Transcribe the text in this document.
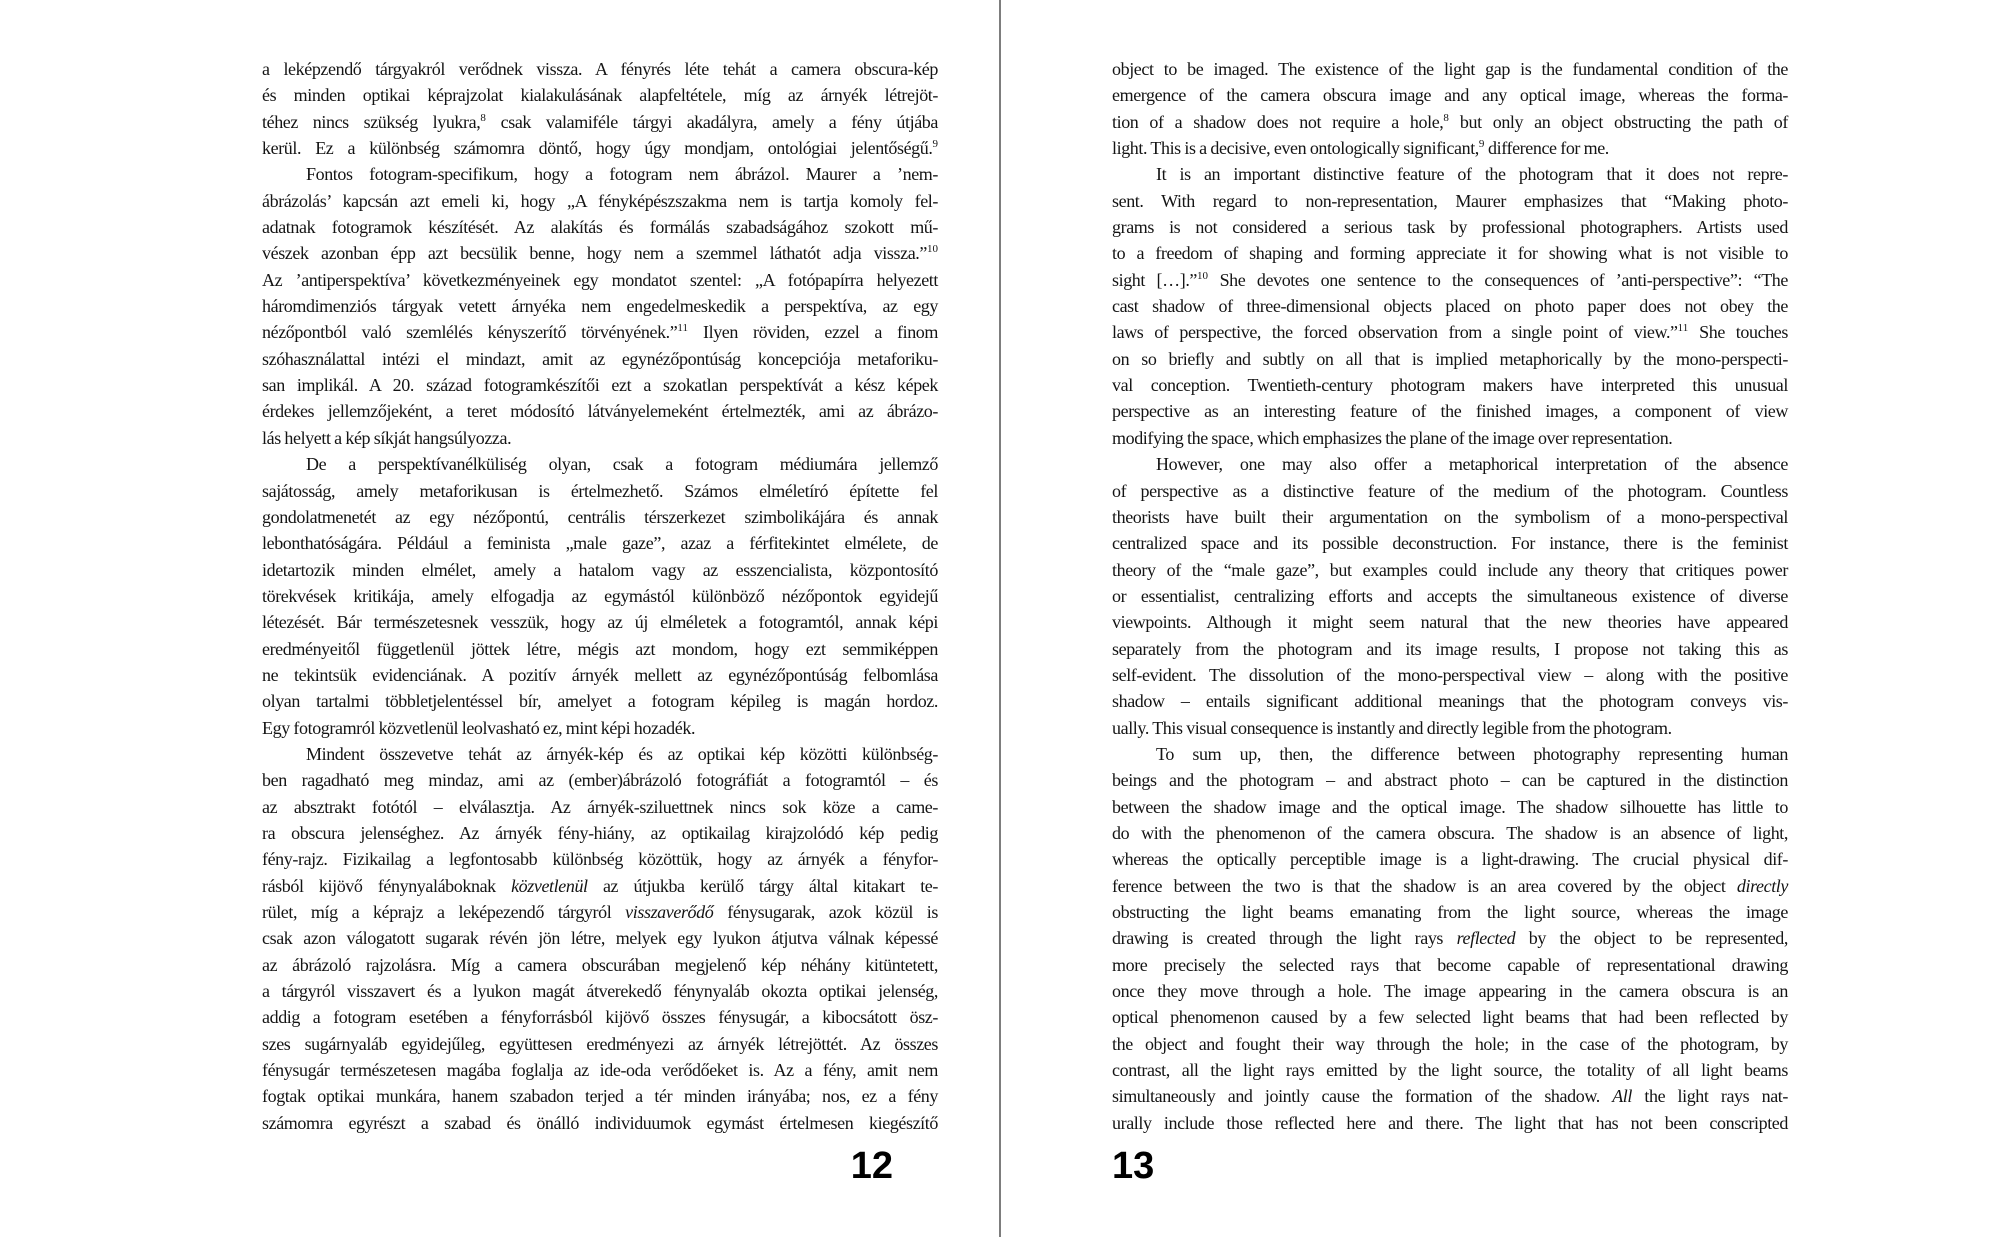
a leképzendő tárgyakról verődnek vissza. A fényrés léte tehát a camera obscura-kép
és minden optikai képrajzolat kialakulásának alapfeltétele, míg az árnyék létrejöt-
téhez nincs szükség lyukra,$^8$ csak valamiféle tárgyi akadályra, amely a fény útjába
kerül. Ez a különbség számomra döntő, hogy úgy mondjam, ontológiai jelentőségű.$^9$
Fontos fotogram-specifikum, hogy a fotogram nem ábrázol. Maurer a ’nem-
ábrázolás’ kapcsán azt emeli ki, hogy „A fényképészszakma nem is tartja komoly fel-
adatnak fotogramok készítését. Az alakítás és formálás szabadságához szokott mű-
vészek azonban épp azt becsülik benne, hogy nem a szemmel láthatót adja vissza.”$^{10}$
Az ’antiperspektíva’ következményeinek egy mondatot szentel: „A fotópapírra helyezett
háromdimenziós tárgyak vetett árnyéka nem engedelmeskedik a perspektíva, az egy
nézőpontból való szemlélés kényszerítő törvényének.”$^{11}$ Ilyen röviden, ezzel a finom
szóhasználattal intézi el mindazt, amit az egynézőpontúság koncepciója metaforiku-
san implikál. A 20. század fotogramkészítői ezt a szokatlan perspektívát a kész képek
érdekes jellemzőjeként, a teret módosító látványelemeként értelmezték, ami az ábrázo-
lás helyett a kép síkját hangsúlyozza.
De a perspektívanélküliség olyan, csak a fotogram médiumára jellemző
sajátosság, amely metaforikusan is értelmezhető. Számos elméletíró építette fel
gondolatmenetét az egy nézőpontú, centrális térszerkezet szimbolikájára és annak
lebonthatóságára. Például a feminista „male gaze”, azaz a férfitekintet elmélete, de
idetartozik minden elmélet, amely a hatalom vagy az esszencialista, központosító
törekvések kritikája, amely elfogadja az egymástól különböző nézőpontok egyidejű
létezését. Bár természetesnek vesszük, hogy az új elméletek a fotogramtól, annak képi
eredményeitől függetlenül jöttek létre, mégis azt mondom, hogy ezt semmiképpen
ne tekintsük evidenciának. A pozitív árnyék mellett az egynézőpontúság felbomlása
olyan tartalmi többletjelentéssel bír, amelyet a fotogram képileg is magán hordoz.
Egy fotogramról közvetlenül leolvasható ez, mint képi hozadék.
Mindent összevetve tehát az árnyék-kép és az optikai kép közötti különbség-
ben ragadható meg mindaz, ami az (ember)ábrázoló fotográfiát a fotogramtól – és
az absztrakt fotótól – elválasztja. Az árnyék-sziluettnek nincs sok köze a came-
ra obscura jelenséghez. Az árnyék fény-hiány, az optikailag kirajzolódó kép pedig
fény-rajz. Fizikailag a legfontosabb különbség közöttük, hogy az árnyék a fényfor-
rásból kijövő fénynyaláboknak közvetlenül az útjukba kerülő tárgy által kitakart te-
rület, míg a képrajz a leképezendő tárgyról visszaverődő fénysugarak, azok közül is
csak azon válogatott sugarak révén jön létre, melyek egy lyukon átjutva válnak képessé
az ábrázoló rajzolásra. Míg a camera obscurában megjelenő kép néhány kitüntetett,
a tárgyról visszavert és a lyukon magát átverekedő fénynyaláb okozta optikai jelenség,
addig a fotogram esetében a fényforrásból kijövő összes fénysugár, a kibocsátott ösz-
szes sugárnyaláb egyidejűleg, együttesen eredményezi az árnyék létrejöttét. Az összes
fénysugár természetesen magába foglalja az ide-oda verődőeket is. Az a fény, amit nem
fogtak optikai munkára, hanem szabadon terjed a tér minden irányába; nos, ez a fény
számomra egyrészt a szabad és önálló individuumok egymást értelmesen kiegészítő
object to be imaged. The existence of the light gap is the fundamental condition of the
emergence of the camera obscura image and any optical image, whereas the forma-
tion of a shadow does not require a hole,$^8$ but only an object obstructing the path of
light. This is a decisive, even ontologically significant,$^9$ difference for me.
It is an important distinctive feature of the photogram that it does not repre-
sent. With regard to non-representation, Maurer emphasizes that “Making photo-
grams is not considered a serious task by professional photographers. Artists used
to a freedom of shaping and forming appreciate it for showing what is not visible to
sight […].”$^{10}$ She devotes one sentence to the consequences of ’anti-perspective”: “The
cast shadow of three-dimensional objects placed on photo paper does not obey the
laws of perspective, the forced observation from a single point of view.”$^{11}$ She touches
on so briefly and subtly on all that is implied metaphorically by the mono-perspecti-
val conception. Twentieth-century photogram makers have interpreted this unusual
perspective as an interesting feature of the finished images, a component of view
modifying the space, which emphasizes the plane of the image over representation.
However, one may also offer a metaphorical interpretation of the absence
of perspective as a distinctive feature of the medium of the photogram. Countless
theorists have built their argumentation on the symbolism of a mono-perspectival
centralized space and its possible deconstruction. For instance, there is the feminist
theory of the “male gaze”, but examples could include any theory that critiques power
or essentialist, centralizing efforts and accepts the simultaneous existence of diverse
viewpoints. Although it might seem natural that the new theories have appeared
separately from the photogram and its image results, I propose not taking this as
self-evident. The dissolution of the mono-perspectival view – along with the positive
shadow – entails significant additional meanings that the photogram conveys vis-
ually. This visual consequence is instantly and directly legible from the photogram.
To sum up, then, the difference between photography representing human
beings and the photogram – and abstract photo – can be captured in the distinction
between the shadow image and the optical image. The shadow silhouette has little to
do with the phenomenon of the camera obscura. The shadow is an absence of light,
whereas the optically perceptible image is a light-drawing. The crucial physical dif-
ference between the two is that the shadow is an area covered by the object directly
obstructing the light beams emanating from the light source, whereas the image
drawing is created through the light rays reflected by the object to be represented,
more precisely the selected rays that become capable of representational drawing
once they move through a hole. The image appearing in the camera obscura is an
optical phenomenon caused by a few selected light beams that had been reflected by
the object and fought their way through the hole; in the case of the photogram, by
contrast, all the light rays emitted by the light source, the totality of all light beams
simultaneously and jointly cause the formation of the shadow. All the light rays nat-
urally include those reflected here and there. The light that has not been conscripted
12	13
